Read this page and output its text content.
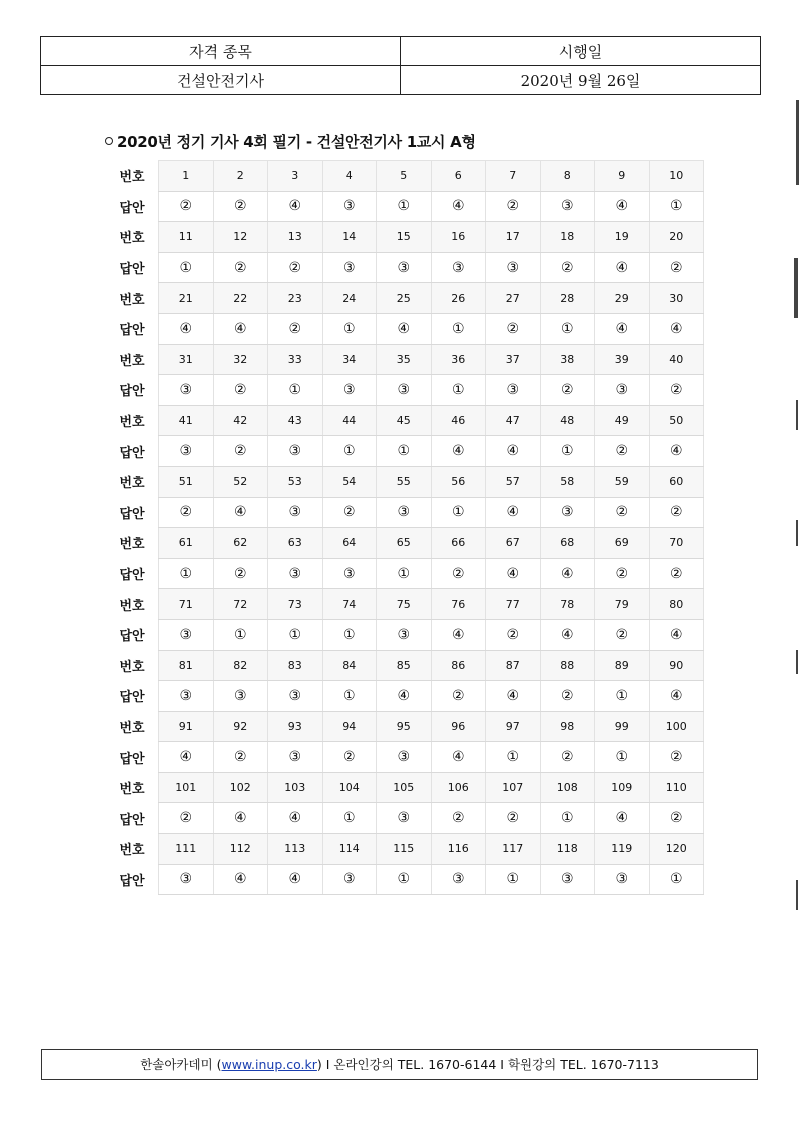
자격 종목	시행일
건설안전기사	2020년 9월 26일
2020년 정기 기사 4회 필기 - 건설안전기사 1교시 A형
번호	1	2	3	4	5	6	7	8	9	10
답안	②	②	④	③	①	④	②	③	④	①
번호	11	12	13	14	15	16	17	18	19	20
답안	①	②	②	③	③	③	③	②	④	②
번호	21	22	23	24	25	26	27	28	29	30
답안	④	④	②	①	④	①	②	①	④	④
번호	31	32	33	34	35	36	37	38	39	40
답안	③	②	①	③	③	①	③	②	③	②
번호	41	42	43	44	45	46	47	48	49	50
답안	③	②	③	①	①	④	④	①	②	④
번호	51	52	53	54	55	56	57	58	59	60
답안	②	④	③	②	③	①	④	③	②	②
번호	61	62	63	64	65	66	67	68	69	70
답안	①	②	③	③	①	②	④	④	②	②
번호	71	72	73	74	75	76	77	78	79	80
답안	③	①	①	①	③	④	②	④	②	④
번호	81	82	83	84	85	86	87	88	89	90
답안	③	③	③	①	④	②	④	②	①	④
번호	91	92	93	94	95	96	97	98	99	100
답안	④	②	③	②	③	④	①	②	①	②
번호	101	102	103	104	105	106	107	108	109	110
답안	②	④	④	①	③	②	②	①	④	②
번호	111	112	113	114	115	116	117	118	119	120
답안	③	④	④	③	①	③	①	③	③	①
한솔아카데미 (www.inup.co.kr) I 온라인강의 TEL. 1670-6144 I 학원강의 TEL. 1670-7113
